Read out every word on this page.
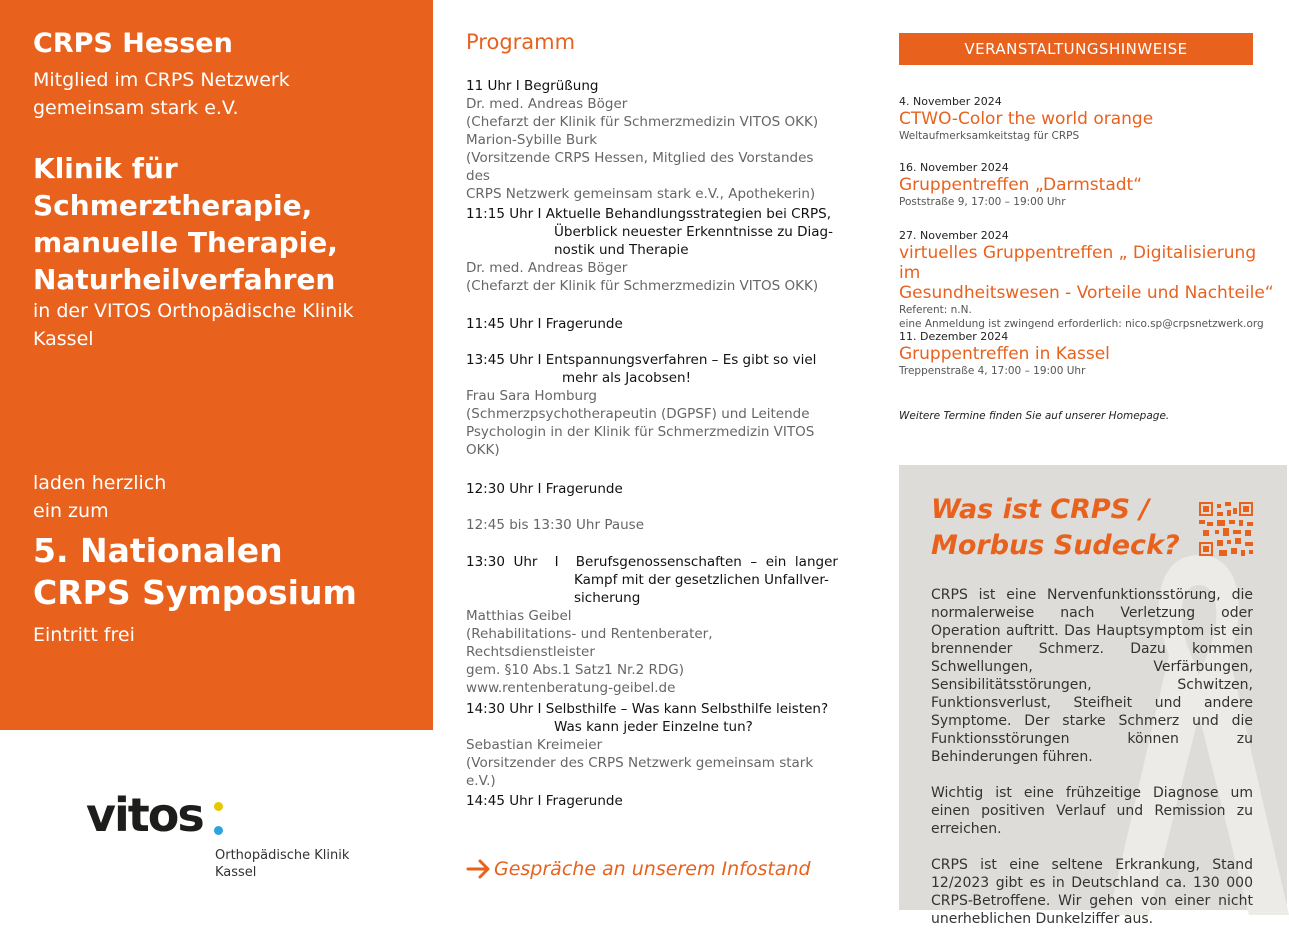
CRPS Hessen
Mitglied im CRPS Netzwerk
gemeinsam stark e.V.
Klinik für
Schmerztherapie,
manuelle Therapie,
Naturheilverfahren
in der VITOS Orthopädische Klinik
Kassel
laden herzlich
ein zum
5. Nationalen
CRPS Symposium
Eintritt frei
vitos
Orthopädische Klinik
Kassel
Programm
11 Uhr I Begrüßung
Dr. med. Andreas Böger
(Chefarzt der Klinik für Schmerzmedizin VITOS OKK)
Marion-Sybille Burk
(Vorsitzende CRPS Hessen, Mitglied des Vorstandes des
CRPS Netzwerk gemeinsam stark e.V., Apothekerin)
11:15 Uhr I Aktuelle Behandlungsstrategien bei CRPS,
Überblick neuester Erkenntnisse zu Diag-
nostik und Therapie
Dr. med. Andreas Böger
(Chefarzt der Klinik für Schmerzmedizin VITOS OKK)
11:45 Uhr I Fragerunde
13:45 Uhr I Entspannungsverfahren – Es gibt so viel
mehr als Jacobsen!
Frau Sara Homburg
(Schmerzpsychotherapeutin (DGPSF) und Leitende
Psychologin in der Klinik für Schmerzmedizin VITOS
OKK)
12:30 Uhr I Fragerunde
12:45 bis 13:30 Uhr Pause
13:30  Uhr    I    Berufsgenossenschaften  –  ein  langer
Kampf mit der gesetzlichen Unfallver-
sicherung
Matthias Geibel
(Rehabilitations- und Rentenberater, Rechtsdienstleister
gem. §10 Abs.1 Satz1 Nr.2 RDG)
www.rentenberatung-geibel.de
14:30 Uhr I Selbsthilfe – Was kann Selbsthilfe leisten?
Was kann jeder Einzelne tun?
Sebastian Kreimeier
(Vorsitzender des CRPS Netzwerk gemeinsam stark e.V.)
14:45 Uhr I Fragerunde
Gespräche an unserem Infostand
VERANSTALTUNGSHINWEISE
4. November 2024
CTWO-Color the world orange
Weltaufmerksamkeitstag für CRPS
16. November 2024
Gruppentreffen „Darmstadt“
Poststraße 9, 17:00 – 19:00 Uhr
27. November 2024
virtuelles Gruppentreffen „ Digitalisierung im
Gesundheitswesen - Vorteile und Nachteile“
Referent: n.N.
eine Anmeldung ist zwingend erforderlich: nico.sp@crpsnetzwerk.org
11. Dezember 2024
Gruppentreffen in Kassel
Treppenstraße 4, 17:00 – 19:00 Uhr
Weitere Termine finden Sie auf unserer Homepage.
Was ist CRPS /
Morbus Sudeck?

CRPS ist eine Nervenfunktionsstörung, die normalerweise nach Verletzung oder Operation auftritt. Das Hauptsymptom ist ein brennender Schmerz. Dazu kommen Schwellungen, Verfärbungen, Sensibilitätsstörungen, Schwitzen, Funktionsverlust, Steifheit und andere Symptome. Der starke Schmerz und die Funktionsstörungen können zu Behinderungen führen.

Wichtig ist eine frühzeitige Diagnose um einen positiven Verlauf und Remission zu erreichen.

CRPS ist eine seltene Erkrankung, Stand 12/2023 gibt es in Deutschland ca. 130 000 CRPS-Betroffene. Wir gehen von einer nicht unerheblichen Dunkelziffer aus.
